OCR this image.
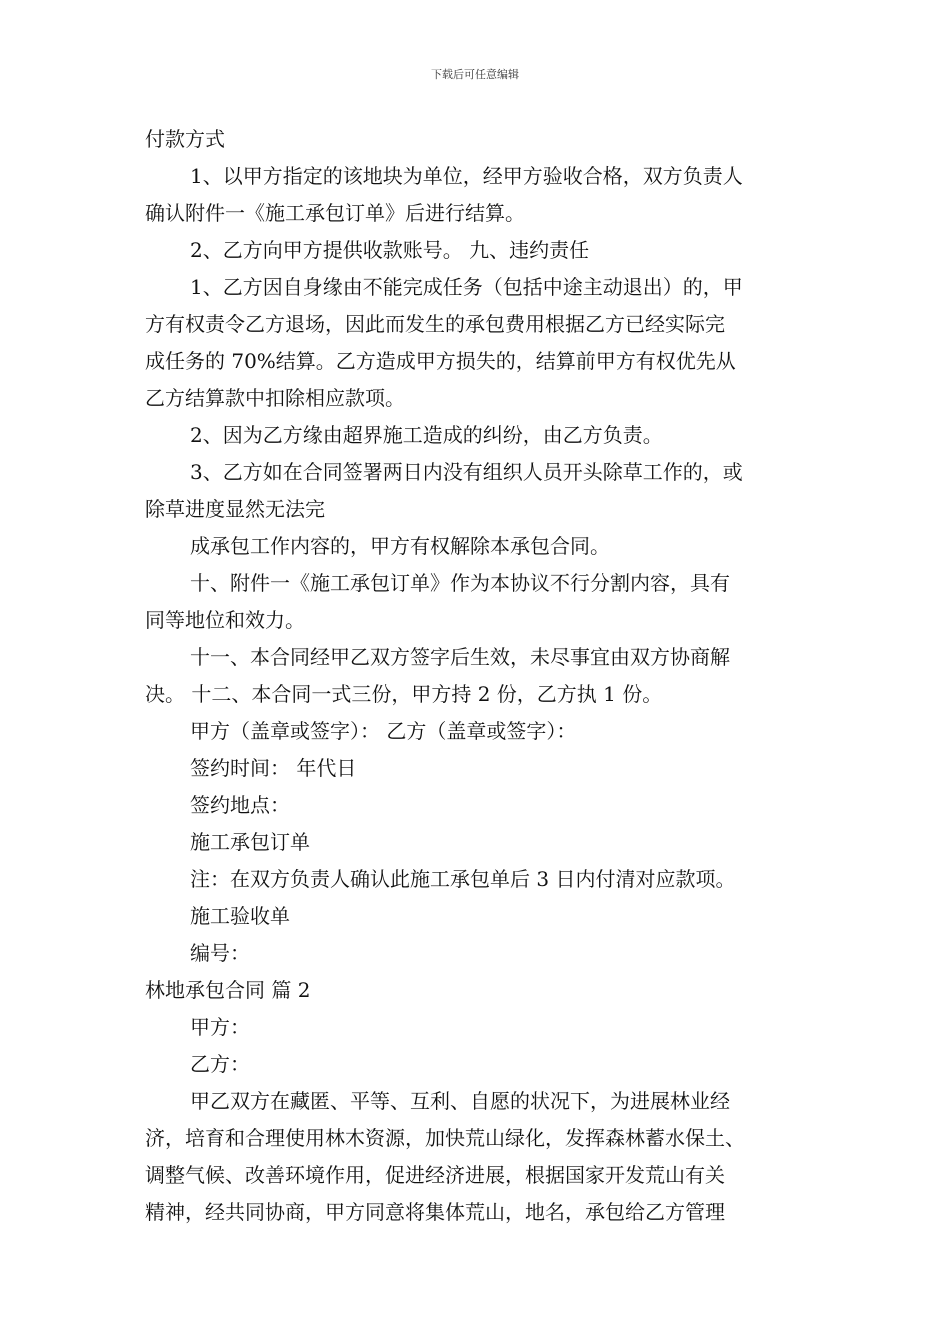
下载后可任意编辑

付款方式

1、以甲方指定的该地块为单位，经甲方验收合格，双方负责人

确认附件一《施工承包订单》后进行结算。

2、乙方向甲方提供收款账号。 九、违约责任

1、乙方因自身缘由不能完成任务（包括中途主动退出）的，甲

方有权责令乙方退场，因此而发生的承包费用根据乙方已经实际完

成任务的 70%结算。乙方造成甲方损失的，结算前甲方有权优先从

乙方结算款中扣除相应款项。

2、因为乙方缘由超界施工造成的纠纷，由乙方负责。

3、乙方如在合同签署两日内没有组织人员开头除草工作的，或

除草进度显然无法完

成承包工作内容的，甲方有权解除本承包合同。

十、附件一《施工承包订单》作为本协议不行分割内容，具有

同等地位和效力。

十一、本合同经甲乙双方签字后生效，未尽事宜由双方协商解

决。 十二、本合同一式三份，甲方持 2 份，乙方执 1 份。

甲方（盖章或签字）： 乙方（盖章或签字）：

签约时间： 年代日

签约地点：

施工承包订单

注：在双方负责人确认此施工承包单后 3 日内付清对应款项。

施工验收单

编号：

林地承包合同 篇 2

甲方：

乙方：

甲乙双方在藏匿、平等、互利、自愿的状况下，为进展林业经

济，培育和合理使用林木资源，加快荒山绿化，发挥森林蓄水保土、

调整气候、改善环境作用，促进经济进展，根据国家开发荒山有关

精神，经共同协商，甲方同意将集体荒山，地名，承包给乙方管理
